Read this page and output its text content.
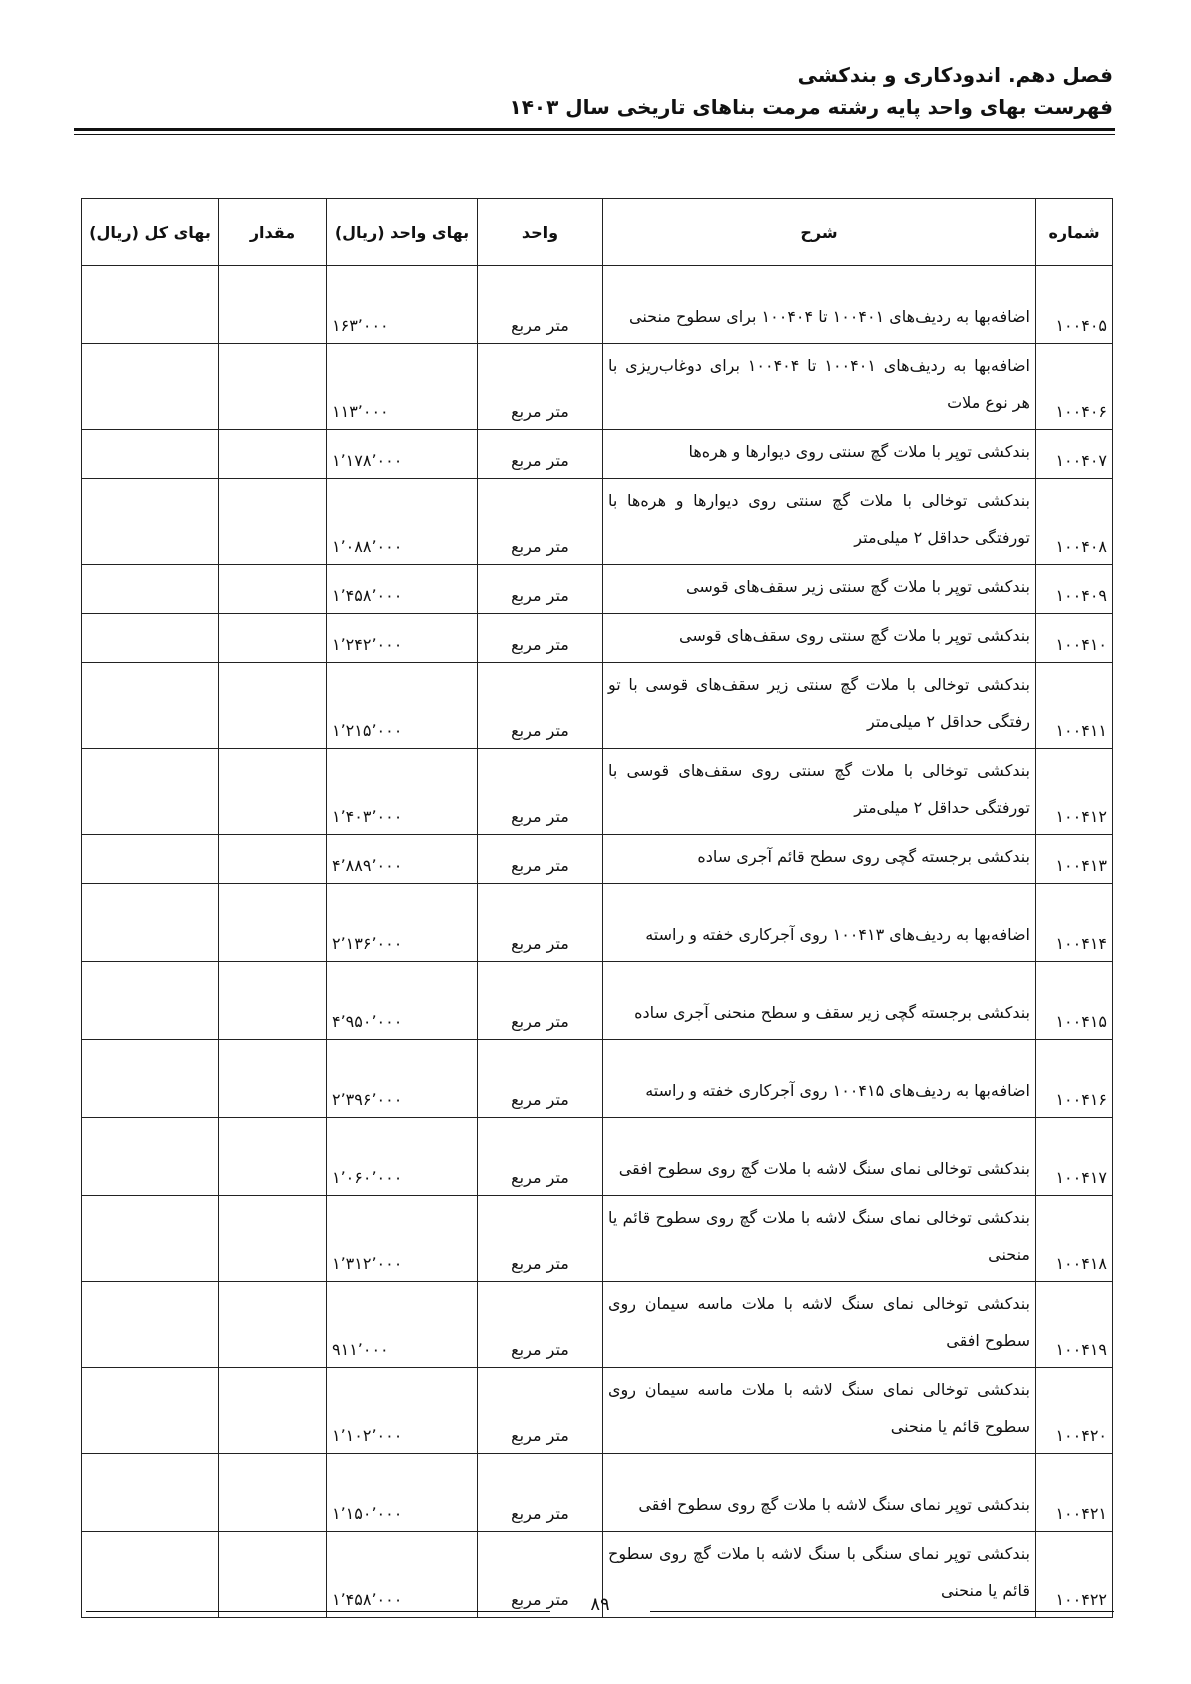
فصل دهم. اندودکاری و بندکشی
فهرست بهای واحد پایه رشته مرمت بناهای تاریخی سال ۱۴۰۳
شماره	شرح	واحد	بهای واحد (ریال)	مقدار	بهای کل (ریال)
۱۰۰۴۰۵	اضافه‌بها به ردیف‌های ۱۰۰۴۰۱ تا ۱۰۰۴۰۴ برای سطوح منحنی	متر مربع	۱۶۳٬۰۰۰		
۱۰۰۴۰۶	اضافه‌بها به ردیف‌های ۱۰۰۴۰۱ تا ۱۰۰۴۰۴ برای دوغاب‌ریزی با هر نوع ملات	متر مربع	۱۱۳٬۰۰۰		
۱۰۰۴۰۷	بندکشی توپر با ملات گچ سنتی روی دیوارها و هره‌ها	متر مربع	۱٬۱۷۸٬۰۰۰		
۱۰۰۴۰۸	بندکشی توخالی با ملات گچ سنتی روی دیوارها و هره‌ها با تورفتگی حداقل ۲ میلی‌متر	متر مربع	۱٬۰۸۸٬۰۰۰		
۱۰۰۴۰۹	بندکشی توپر با ملات گچ سنتی زیر سقف‌های قوسی	متر مربع	۱٬۴۵۸٬۰۰۰		
۱۰۰۴۱۰	بندکشی توپر با ملات گچ سنتی روی سقف‌های قوسی	متر مربع	۱٬۲۴۲٬۰۰۰		
۱۰۰۴۱۱	بندکشی توخالی با ملات گچ سنتی زیر سقف‌های قوسی با تو رفتگی حداقل ۲ میلی‌متر	متر مربع	۱٬۲۱۵٬۰۰۰		
۱۰۰۴۱۲	بندکشی توخالی با ملات گچ سنتی روی سقف‌های قوسی با تورفتگی حداقل ۲ میلی‌متر	متر مربع	۱٬۴۰۳٬۰۰۰		
۱۰۰۴۱۳	بندکشی برجسته گچی روی سطح قائم آجری ساده	متر مربع	۴٬۸۸۹٬۰۰۰		
۱۰۰۴۱۴	اضافه‌بها به ردیف‌های ۱۰۰۴۱۳ روی آجرکاری خفته و راسته	متر مربع	۲٬۱۳۶٬۰۰۰		
۱۰۰۴۱۵	بندکشی برجسته گچی زیر سقف و سطح منحنی آجری ساده	متر مربع	۴٬۹۵۰٬۰۰۰		
۱۰۰۴۱۶	اضافه‌بها به ردیف‌های ۱۰۰۴۱۵ روی آجرکاری خفته و راسته	متر مربع	۲٬۳۹۶٬۰۰۰		
۱۰۰۴۱۷	بندکشی توخالی نمای سنگ لاشه با ملات گچ روی سطوح افقی	متر مربع	۱٬۰۶۰٬۰۰۰		
۱۰۰۴۱۸	بندکشی توخالی نمای سنگ لاشه با ملات گچ روی سطوح قائم یا منحنی	متر مربع	۱٬۳۱۲٬۰۰۰		
۱۰۰۴۱۹	بندکشی توخالی نمای سنگ لاشه با ملات ماسه سیمان روی سطوح افقی	متر مربع	۹۱۱٬۰۰۰		
۱۰۰۴۲۰	بندکشی توخالی نمای سنگ لاشه با ملات ماسه سیمان روی سطوح قائم یا منحنی	متر مربع	۱٬۱۰۲٬۰۰۰		
۱۰۰۴۲۱	بندکشی توپر نمای سنگ لاشه با ملات گچ روی سطوح افقی	متر مربع	۱٬۱۵۰٬۰۰۰		
۱۰۰۴۲۲	بندکشی توپر نمای سنگی با سنگ لاشه با ملات گچ روی سطوح قائم یا منحنی	متر مربع	۱٬۴۵۸٬۰۰۰			۸۹
